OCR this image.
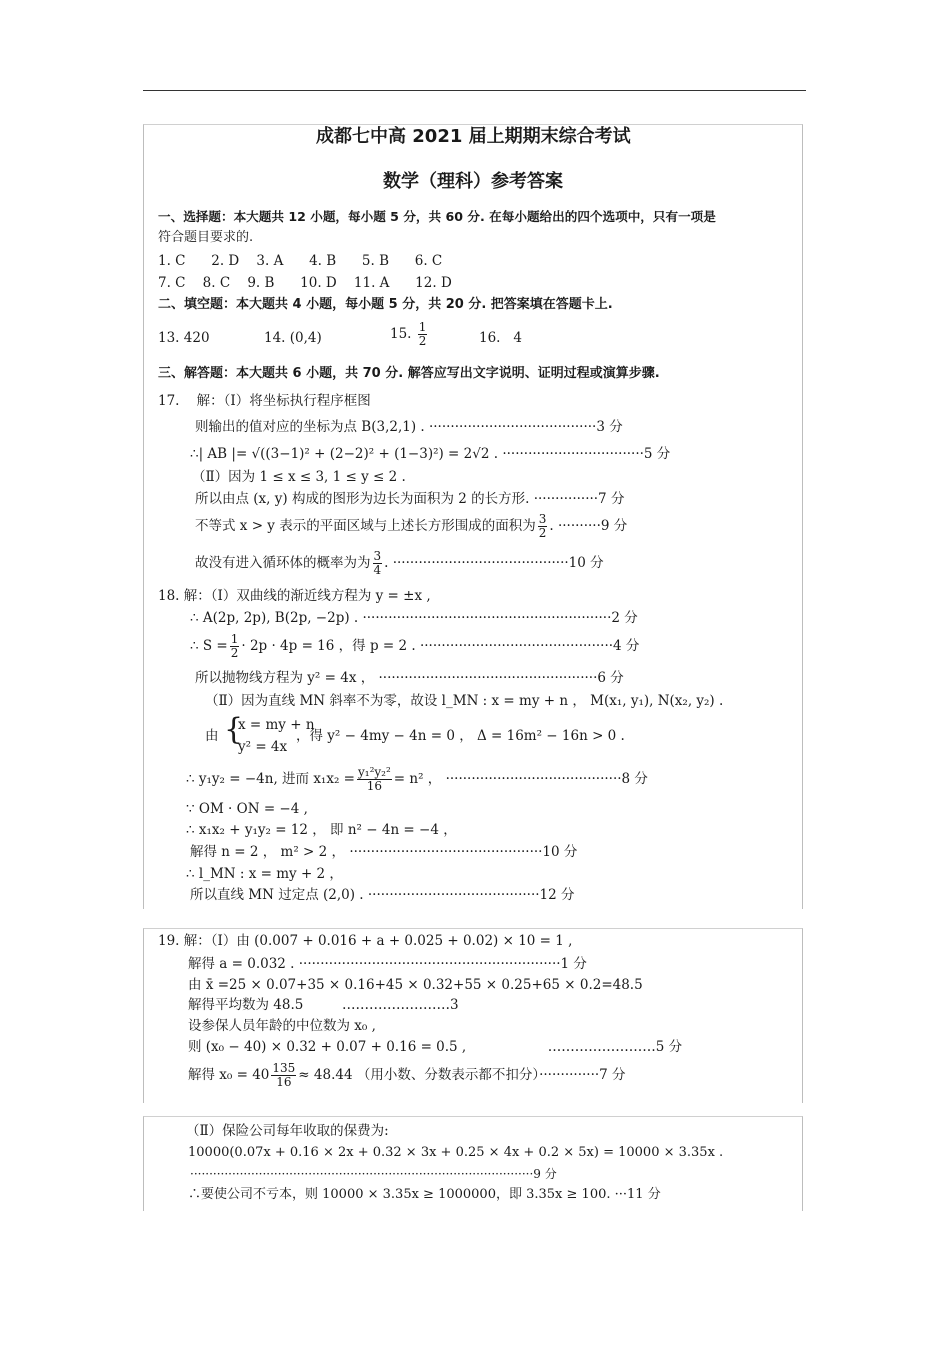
成都七中高 2021 届上期期末综合考试
数学（理科）参考答案
一、选择题：本大题共 12 小题，每小题 5 分，共 60 分. 在每小题给出的四个选项中，只有一项是
符合题目要求的.
1. C      2. D    3. A      4. B      5. B      6. C
7. C    8. C    9. B      10. D    11. A      12. D
二、填空题：本大题共 4 小题，每小题 5 分，共 20 分. 把答案填在答题卡上.
13. 420	14. (0,4)	15. $\frac{1}{2}$	16.   4
三、解答题：本大题共 6 小题，共 70 分. 解答应写出文字说明、证明过程或演算步骤.
17.    解：（Ⅰ）将坐标执行程序框图
则输出的值对应的坐标为点 B(3,2,1) . ·······································3 分
∴| AB |= √((3−1)² + (2−2)² + (1−3)²) = 2√2 . ·································5 分
（Ⅱ）因为 1 ≤ x ≤ 3, 1 ≤ y ≤ 2 .
所以由点 (x, y) 构成的图形为边长为面积为 2 的长方形. ···············7 分
不等式 x > y 表示的平面区域与上述长方形围成的面积为 $\frac{3}{2}$ . ··········9 分
故没有进入循环体的概率为为 $\frac{3}{4}$ . ·········································10 分
18. 解：（Ⅰ）双曲线的渐近线方程为 y = ±x ,
∴ A(2p, 2p), B(2p, −2p) . ··························································2 分
∴ $S = \frac{1}{2} \cdot 2p \cdot 4p = 16$ ，得 p = 2 . ·············································4 分
所以抛物线方程为 y² = 4x ， ···················································6 分
（Ⅱ）因为直线 MN 斜率不为零，故设 l_MN : x = my + n ， M(x₁, y₁), N(x₂, y₂) .
由 {
x = my + n
y² = 4x
，得 y² − 4my − 4n = 0 ， Δ = 16m² − 16n > 0 .
∴ y₁y₂ = −4n, 进而 $x_1x_2 = \frac{\text{y₁²y₂²}}{16} = n^2$ ， ·········································8 分
∵ OM · ON = −4 ,
∴ x₁x₂ + y₁y₂ = 12 ， 即 n² − 4n = −4 ，
解得 n = 2 ， m² > 2 ， ·············································10 分
∴ l_MN : x = my + 2 ，
所以直线 MN 过定点 (2,0) . ········································12 分
19. 解：（Ⅰ）由 (0.007 + 0.016 + a + 0.025 + 0.02) × 10 = 1 ,
解得 a = 0.032 . ·····························································1 分
由 x̄ =25 × 0.07+35 × 0.16+45 × 0.32+55 × 0.25+65 × 0.2=48.5
解得平均数为 48.5         ……………………3
设参保人员年龄的中位数为 x₀ ,
则 (x₀ − 40) × 0.32 + 0.07 + 0.16 = 0.5 ,                   ……………………5 分
解得 $x_0 = 40 \frac{135}{16} \approx 48.44$ （用小数、分数表示都不扣分）··············7 分
（Ⅱ）保险公司每年收取的保费为:
10000(0.07x + 0.16 × 2x + 0.32 × 3x + 0.25 × 4x + 0.2 × 5x) = 10000 × 3.35x .
··························································································9 分
∴要使公司不亏本，则 10000 × 3.35x ≥ 1000000，即 3.35x ≥ 100. ···11 分
